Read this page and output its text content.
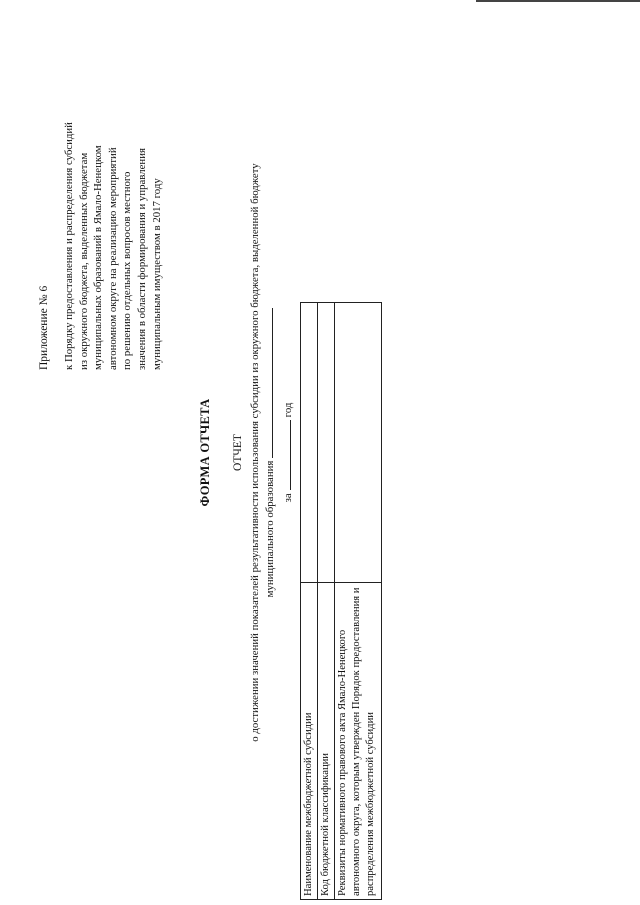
Приложение № 6 к Порядку предоставления и распределения субсидий из окружного бюджета, выделенных бюджетам муниципальных образований в Ямало-Ненецком автономном округе на реализацию мероприятий по решению отдельных вопросов местного значения в области формирования и управления муниципальным имуществом в 2017 году
ФОРМА ОТЧЕТА ОТЧЕТ о достижении значений показателей результативности использования субсидии из окружного бюджета, выделенной бюджету муниципального образования загод
Наименование межбюджетной субсидии	
Код бюджетной классификации	
Реквизиты нормативного правового акта Ямало-Ненецкого автономного округа, которым утвержден Порядок предоставления и распределения межбюджетной субсидии	
